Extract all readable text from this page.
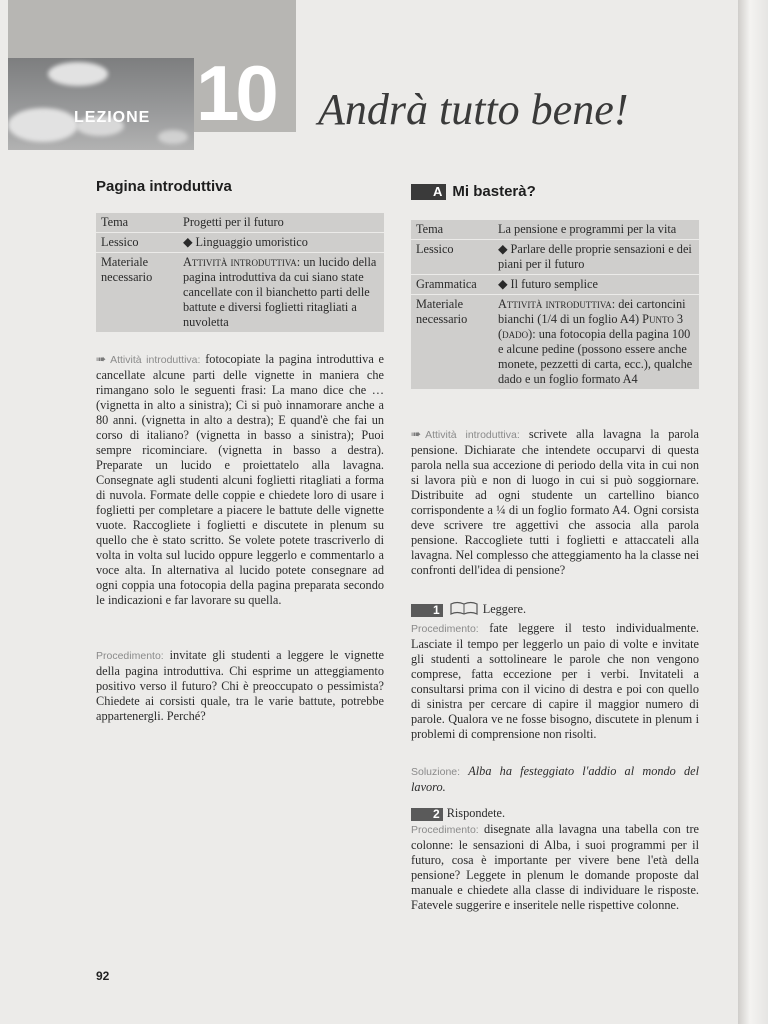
LEZIONE 10 Andrà tutto bene!
Pagina introduttiva
Tema	Progetti per il futuro
Lessico	◆ Linguaggio umoristico
Materiale necessario	Attività introduttiva: un lucido della pagina introduttiva da cui siano state cancellate con il bianchetto parti delle battute e diversi foglietti ritagliati a nuvoletta
➠ Attività introduttiva: fotocopiate la pagina introduttiva e cancellate alcune parti delle vignette in maniera che rimangano solo le seguenti frasi: La mano dice che … (vignetta in alto a sinistra); Ci si può innamorare anche a 80 anni. (vignetta in alto a destra); E quand'è che fai un corso di italiano? (vignetta in basso a sinistra); Puoi sempre ricominciare. (vignetta in basso a destra). Preparate un lucido e proiettatelo alla lavagna. Consegnate agli studenti alcuni foglietti ritagliati a forma di nuvola. Formate delle coppie e chiedete loro di usare i foglietti per completare a piacere le battute delle vignette vuote. Raccogliete i foglietti e discutete in plenum su quello che è stato scritto. Se volete potete trascriverlo di volta in volta sul lucido oppure leggerlo e commentarlo a voce alta. In alternativa al lucido potete consegnare ad ogni coppia una fotocopia della pagina preparata secondo le indicazioni e far lavorare su quella.
Procedimento: invitate gli studenti a leggere le vignette della pagina introduttiva. Chi esprime un atteggiamento positivo verso il futuro? Chi è preoccupato o pessimista? Chiedete ai corsisti quale, tra le varie battute, potrebbe appartenergli. Perché?
A Mi basterà?
Tema	La pensione e programmi per la vita
Lessico	◆ Parlare delle proprie sensazioni e dei piani per il futuro
Grammatica	◆ Il futuro semplice
Materiale necessario	Attività introduttiva: dei cartoncini bianchi (1/4 di un foglio A4) Punto 3 (dado): una fotocopia della pagina 100 e alcune pedine (possono essere anche monete, pezzetti di carta, ecc.), qualche dado e un foglio formato A4
➠ Attività introduttiva: scrivete alla lavagna la parola pensione. Dichiarate che intendete occuparvi di questa parola nella sua accezione di periodo della vita in cui non si lavora più e non di luogo in cui si può soggiornare. Distribuite ad ogni studente un cartellino bianco corrispondente a ¼ di un foglio formato A4. Ogni corsista deve scrivere tre aggettivi che associa alla parola pensione. Raccogliete tutti i foglietti e attaccateli alla lavagna. Nel complesso che atteggiamento ha la classe nei confronti dell'idea di pensione?
1	Leggere.
Procedimento: fate leggere il testo individualmente. Lasciate il tempo per leggerlo un paio di volte e invitate gli studenti a sottolineare le parole che non vengono comprese, fatta eccezione per i verbi. Invitateli a consultarsi prima con il vicino di destra e poi con quello di sinistra per cercare di capire il maggior numero di parole. Qualora ve ne fosse bisogno, discutete in plenum i problemi di comprensione non risolti.
Soluzione: Alba ha festeggiato l'addio al mondo del lavoro.
2 Rispondete.
Procedimento: disegnate alla lavagna una tabella con tre colonne: le sensazioni di Alba, i suoi programmi per il futuro, cosa è importante per vivere bene l'età della pensione? Leggete in plenum le domande proposte dal manuale e chiedete alla classe di individuare le risposte. Fatevele suggerire e inseritele nelle rispettive colonne.
92
